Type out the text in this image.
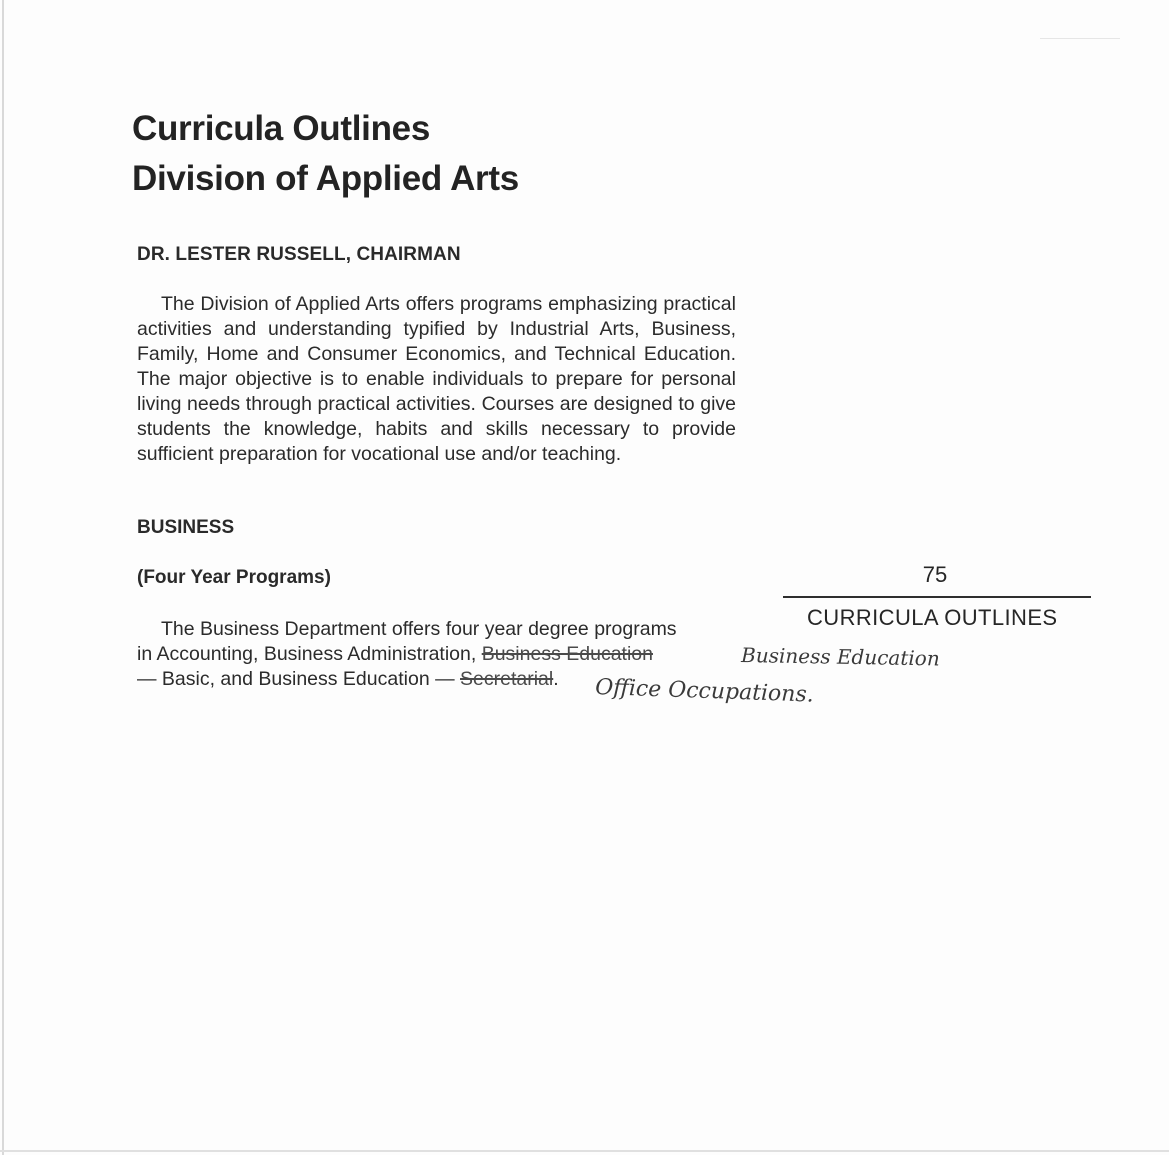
Curricula Outlines
Division of Applied Arts
DR. LESTER RUSSELL, CHAIRMAN

The Division of Applied Arts offers programs emphasizing practical activities and understanding typified by Industrial Arts, Business, Family, Home and Consumer Economics, and Technical Education. The major objective is to enable individuals to prepare for personal living needs through practical activities. Courses are designed to give students the knowledge, habits and skills necessary to provide sufficient preparation for vocational use and/or teaching.

BUSINESS
(Four Year Programs)	75
CURRICULA OUTLINES

The Business Department offers four year degree programs
in Accounting, Business Administration, Business Education
— Basic, and Business Education — Secretarial.

Business Education
Office Occupations.
